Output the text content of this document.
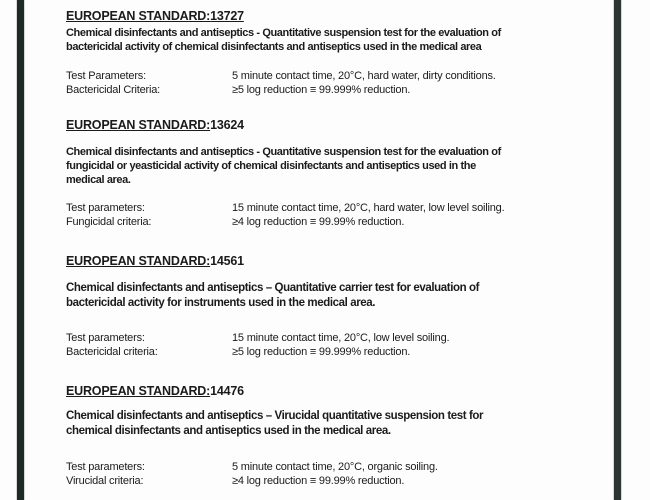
EUROPEAN STANDARD:13727
Chemical disinfectants and antiseptics - Quantitative suspension test for the evaluation of
bactericidal activity of chemical disinfectants and antiseptics used in the medical area
Test Parameters:	5 minute contact time, 20°C, hard water, dirty conditions.
Bactericidal Criteria:	≥5 log reduction ≡ 99.999% reduction.
EUROPEAN STANDARD:13624
Chemical disinfectants and antiseptics - Quantitative suspension test for the evaluation of
fungicidal or yeasticidal activity of chemical disinfectants and antiseptics used in the
medical area.
Test parameters:	15 minute contact time, 20°C, hard water, low level soiling.
Fungicidal criteria:	≥4 log reduction ≡ 99.99% reduction.
EUROPEAN STANDARD:14561
Chemical disinfectants and antiseptics – Quantitative carrier test for evaluation of
bactericidal activity for instruments used in the medical area.
Test parameters:	15 minute contact time, 20°C, low level soiling.
Bactericidal criteria:	≥5 log reduction ≡ 99.999% reduction.
EUROPEAN STANDARD:14476
Chemical disinfectants and antiseptics – Virucidal quantitative suspension test for
chemical disinfectants and antiseptics used in the medical area.
Test parameters:	5 minute contact time, 20°C, organic soiling.
Virucidal criteria:	≥4 log reduction ≡ 99.99% reduction.
